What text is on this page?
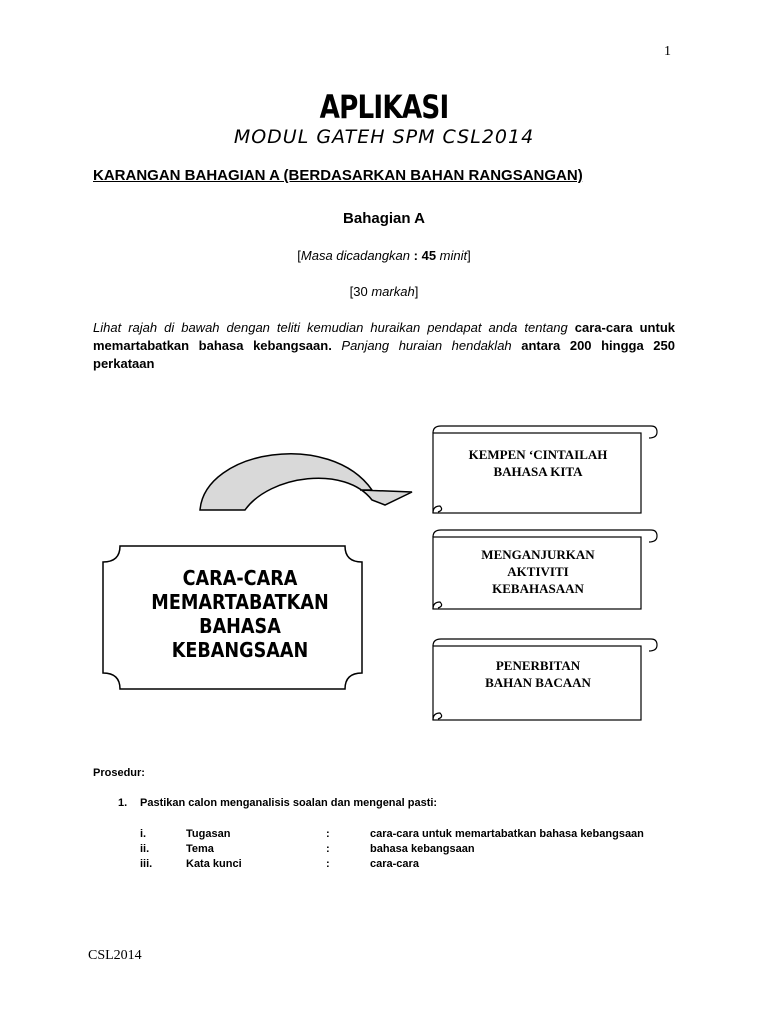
1
APLIKASI
MODUL GATEH SPM CSL2014
KARANGAN BAHAGIAN A (BERDASARKAN BAHAN RANGSANGAN)
Bahagian A
[Masa dicadangkan : 45 minit]
[30 markah]
Lihat rajah di bawah dengan teliti kemudian huraikan pendapat anda tentang cara-cara untuk memartabatkan bahasa kebangsaan. Panjang huraian hendaklah antara 200 hingga 250 perkataan
CARA-CARA
MEMARTABATKAN
BAHASA
KEBANGSAAN
KEMPEN ‘CINTAILAH
BAHASA KITA
MENGANJURKAN
AKTIVITI
KEBAHASAAN
PENERBITAN
BAHAN BACAAN
Prosedur:
1. Pastikan calon menganalisis soalan dan mengenal pasti:
i.	Tugasan	:	cara-cara untuk memartabatkan bahasa kebangsaan
ii.	Tema	:	bahasa kebangsaan
iii.	Kata kunci	:	cara-cara
CSL2014
